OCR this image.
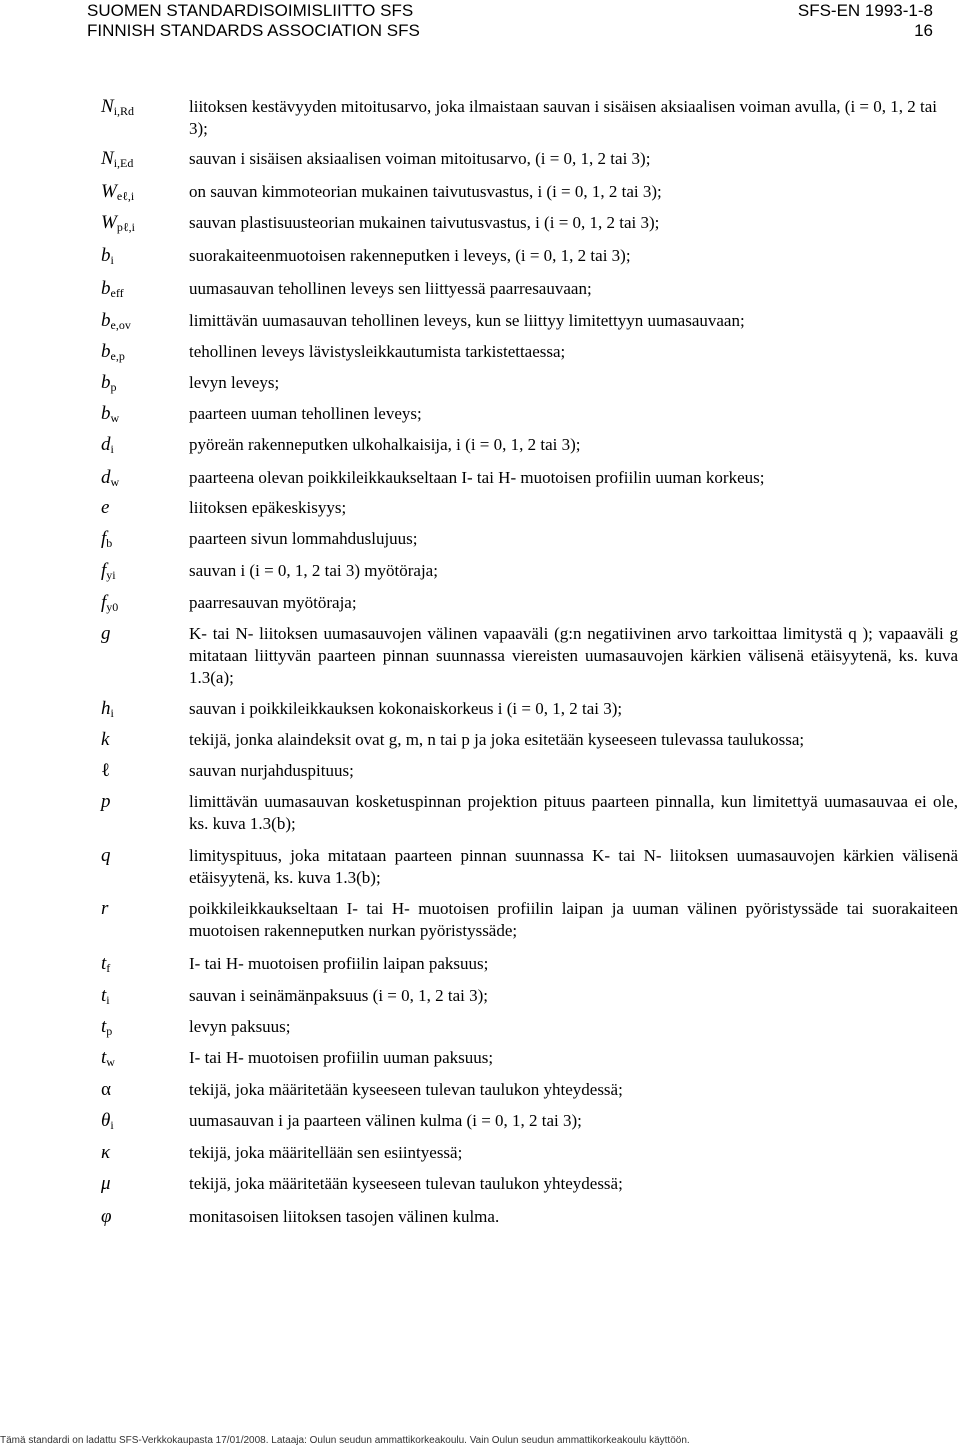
SUOMEN STANDARDISOIMISLIITTO SFS
FINNISH STANDARDS ASSOCIATION SFS
SFS-EN 1993-1-8
16
$N_{i,Rd}$	liitoksen kestävyyden mitoitusarvo, joka ilmaistaan sauvan i sisäisen aksiaalisen voiman avulla, (i = 0, 1, 2 tai 3);
$N_{i,Ed}$	sauvan i sisäisen aksiaalisen voiman mitoitusarvo, (i = 0, 1, 2 tai 3);
$W_{e\ell,i}$	on sauvan kimmoteorian mukainen taivutusvastus, i (i = 0, 1, 2 tai 3);
$W_{p\ell,i}$	sauvan plastisuusteorian mukainen taivutusvastus, i (i = 0, 1, 2 tai 3);
$b_i$	suorakaiteenmuotoisen rakenneputken i leveys, (i = 0, 1, 2 tai 3);
$b_{eff}$	uumasauvan tehollinen leveys sen liittyessä paarresauvaan;
$b_{e,ov}$	limittävän uumasauvan tehollinen leveys, kun se liittyy limitettyyn uumasauvaan;
$b_{e,p}$	tehollinen leveys lävistysleikkautumista tarkistettaessa;
$b_p$	levyn leveys;
$b_w$	paarteen uuman tehollinen leveys;
$d_i$	pyöreän rakenneputken ulkohalkaisija, i (i = 0, 1, 2 tai 3);
$d_w$	paarteena olevan poikkileikkaukseltaan I- tai H- muotoisen profiilin uuman korkeus;
e	liitoksen epäkeskisyys;
$f_b$	paarteen sivun lommahduslujuus;
$f_{yi}$	sauvan i (i = 0, 1, 2 tai 3) myötöraja;
$f_{y0}$	paarresauvan myötöraja;
g	K- tai N- liitoksen uumasauvojen välinen vapaaväli (g:n negatiivinen arvo tarkoittaa limitystä q ); vapaaväli g mitataan liittyvän paarteen pinnan suunnassa viereisten uumasauvojen kärkien välisenä etäisyytenä, ks. kuva 1.3(a);
$h_i$	sauvan i poikkileikkauksen kokonaiskorkeus i (i = 0, 1, 2 tai 3);
k	tekijä, jonka alaindeksit ovat g, m, n tai p ja joka esitetään kyseeseen tulevassa taulukossa;
ℓ	sauvan nurjahduspituus;
p	limittävän uumasauvan kosketuspinnan projektion pituus paarteen pinnalla, kun limitettyä uumasauvaa ei ole, ks. kuva 1.3(b);
q	limityspituus, joka mitataan paarteen pinnan suunnassa K- tai N- liitoksen uumasauvojen kärkien välisenä etäisyytenä, ks. kuva 1.3(b);
r	poikkileikkaukseltaan I- tai H- muotoisen profiilin laipan ja uuman välinen pyöristyssäde tai suorakaiteen muotoisen rakenneputken nurkan pyöristyssäde;
$t_f$	I- tai H- muotoisen profiilin laipan paksuus;
$t_i$	sauvan i seinämänpaksuus (i = 0, 1, 2 tai 3);
$t_p$	levyn paksuus;
$t_w$	I- tai H- muotoisen profiilin uuman paksuus;
α	tekijä, joka määritetään kyseeseen tulevan taulukon yhteydessä;
$\theta_i$	uumasauvan i ja paarteen välinen kulma (i = 0, 1, 2 tai 3);
κ	tekijä, joka määritellään sen esiintyessä;
μ	tekijä, joka määritetään kyseeseen tulevan taulukon yhteydessä;
φ	monitasoisen liitoksen tasojen välinen kulma.
Tämä standardi on ladattu SFS-Verkkokaupasta 17/01/2008. Lataaja: Oulun seudun ammattikorkeakoulu. Vain Oulun seudun ammattikorkeakoulu käyttöön.
